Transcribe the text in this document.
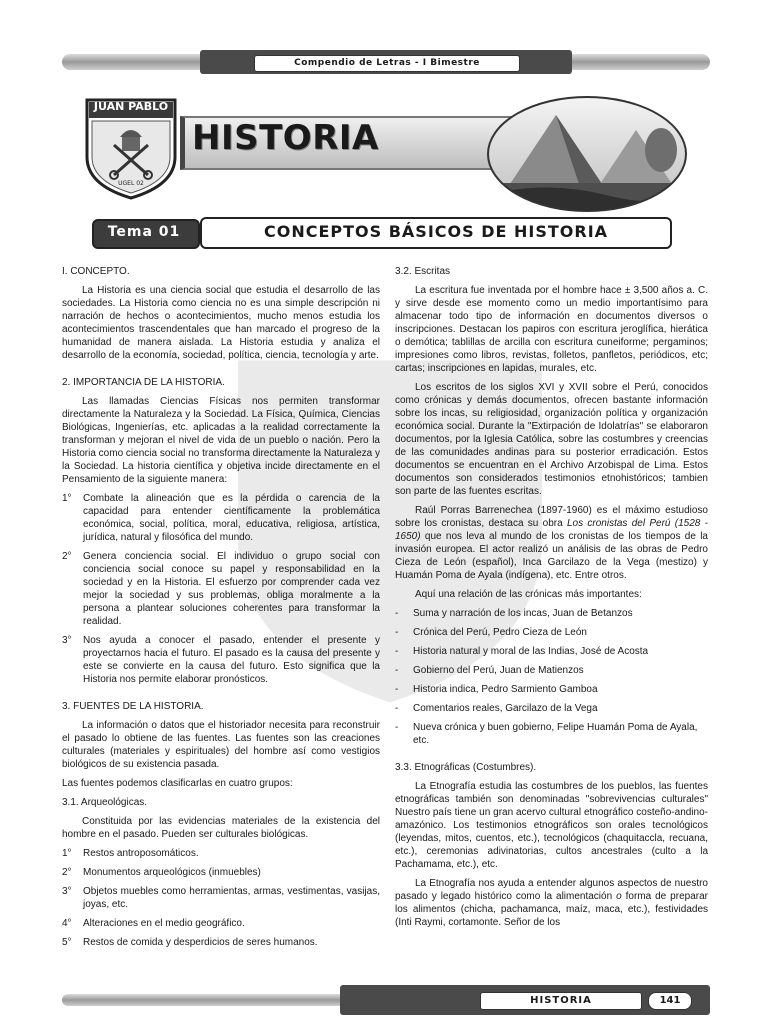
Compendio de Letras - I Bimestre
UGEL 02
JUAN PABLO
HISTORIA
Tema 01	CONCEPTOS BÁSICOS DE HISTORIA

I. CONCEPTO.

La Historia es una ciencia social que estudia el desarrollo de las sociedades. La Historia como ciencia no es una simple descripción ni narración de hechos o acontecimientos, mucho menos estudia los acontecimientos trascendentales que han marcado el progreso de la humanidad de manera aislada. La Historia estudia y analiza el desarrollo de la economía, sociedad, política, ciencia, tecnología y arte.

2. IMPORTANCIA DE LA HISTORIA.

Las llamadas Ciencias Físicas nos permiten transformar directamente la Naturaleza y la Sociedad. La Física, Química, Ciencias Biológicas, Ingenierías, etc. aplicadas a la realidad correctamente la transforman y mejoran el nivel de vida de un pueblo o nación. Pero la Historia como ciencia social no transforma directamente la Naturaleza y la Sociedad. La historia científica y objetiva incide directamente en el Pensamiento de la siguiente manera:

1°	Combate la alineación que es la pérdida o carencia de la capacidad para entender científicamente la problemática económica, social, política, moral, educativa, religiosa, artística, jurídica, natural y filosófica del mundo.
2°	Genera conciencia social. El individuo o grupo social con conciencia social conoce su papel y responsabilidad en la sociedad y en la Historia. El esfuerzo por comprender cada vez mejor la sociedad y sus problemas, obliga moralmente a la persona a plantear soluciones coherentes para transformar la realidad.
3°	Nos ayuda a conocer el pasado, entender el presente y proyectarnos hacia el futuro. El pasado es la causa del presente y este se convierte en la causa del futuro. Esto significa que la Historia nos permite elaborar pronósticos.

3. FUENTES DE LA HISTORIA.

La información o datos que el historiador necesita para reconstruir el pasado lo obtiene de las fuentes. Las fuentes son las creaciones culturales (materiales y espirituales) del hombre así como vestigios biológicos de su existencia pasada.

Las fuentes podemos clasificarlas en cuatro grupos:

3.1. Arqueológicas.

Constituida por las evidencias materiales de la existencia del hombre en el pasado. Pueden ser culturales biológicas.

1°	Restos antroposomáticos.
2°	Monumentos arqueológicos (inmuebles)
3°	Objetos muebles como herramientas, armas, vestimentas, vasijas, joyas, etc.
4°	Alteraciones en el medio geográfico.
5°	Restos de comida y desperdicios de seres humanos.

3.2. Escritas

La escritura fue inventada por el hombre hace ± 3,500 años a. C. y sirve desde ese momento como un medio importantísimo para almacenar todo tipo de información en documentos diversos o inscripciones. Destacan los papiros con escritura jeroglífica, hierática o demótica; tablillas de arcilla con escritura cuneiforme; pergaminos; impresiones como libros, revistas, folletos, panfletos, periódicos, etc; cartas; inscripciones en lapidas, murales, etc.

Los escritos de los siglos XVI y XVII sobre el Perú, conocidos como crónicas y demás documentos, ofrecen bastante información sobre los incas, su religiosidad, organización política y organización económica social. Durante la "Extirpación de Idolatrías" se elaboraron documentos, por la Iglesia Católica, sobre las costumbres y creencias de las comunidades andinas para su posterior erradicación. Estos documentos se encuentran en el Archivo Arzobispal de Lima. Estos documentos son considerados testimonios etnohistóricos; tambien son parte de las fuentes escritas.

Raúl Porras Barrenechea (1897-1960) es el máximo estudioso sobre los cronistas, destaca su obra Los cronistas del Perú (1528 - 1650) que nos leva al mundo de los cronistas de los tiempos de la invasión europea. El actor realizó un análisis de las obras de Pedro Cieza de León (español), Inca Garcilazo de la Vega (mestizo) y Huamán Poma de Ayala (indígena), etc. Entre otros.

Aquí una relación de las crónicas más importantes:

-	Suma y narración de los incas, Juan de Betanzos
-	Crónica del Perú, Pedro Cieza de León
-	Historia natural y moral de las Indias, José de Acosta
-	Gobierno del Perú, Juan de Matienzos
-	Historia indica, Pedro Sarmiento Gamboa
-	Comentarios reales, Garcilazo de la Vega
-	Nueva crónica y buen gobierno, Felipe Huamán Poma de Ayala, etc.

3.3. Etnográficas (Costumbres).

La Etnografía estudia las costumbres de los pueblos, las fuentes etnográficas también son denominadas "sobrevivencias culturales" Nuestro país tiene un gran acervo cultural etnográfico costeño-andino-amazónico. Los testimonios etnográficos son orales tecnológicos (leyendas, mitos, cuentos, etc.), tecnológicos (chaquitaccla, recuana, etc.), ceremonias adivinatorias, cultos ancestrales (culto a la Pachamama, etc.), etc.

La Etnografía nos ayuda a entender algunos aspectos de nuestro pasado y legado histórico como la alimentación o forma de preparar los alimentos (chicha, pachamanca, maíz, maca, etc.), festividades (Inti Raymi, cortamonte. Señor de los

HISTORIA	141
